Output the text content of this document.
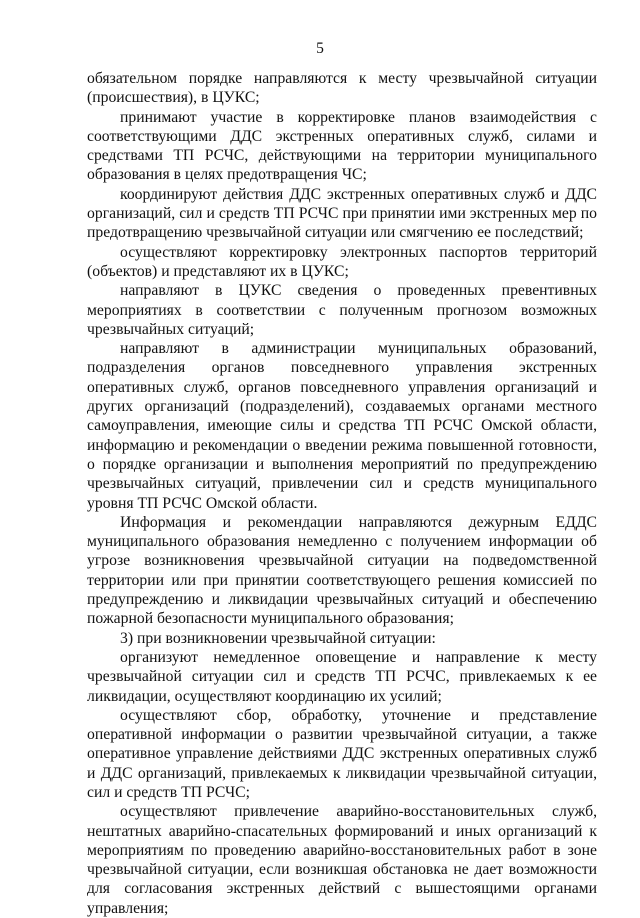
5

обязательном порядке направляются к месту чрезвычайной ситуации (происшествия), в ЦУКС;

принимают участие в корректировке планов взаимодействия с соответствующими ДДС экстренных оперативных служб, силами и средствами ТП РСЧС, действующими на территории муниципального образования в целях предотвращения ЧС;

координируют действия ДДС экстренных оперативных служб и ДДС организаций, сил и средств ТП РСЧС при принятии ими экстренных мер по предотвращению чрезвычайной ситуации или смягчению ее последствий;

осуществляют корректировку электронных паспортов территорий (объектов) и представляют их в ЦУКС;

направляют в ЦУКС сведения о проведенных превентивных мероприятиях в соответствии с полученным прогнозом возможных чрезвычайных ситуаций;

направляют в администрации муниципальных образований, подразделения органов повседневного управления экстренных оперативных служб, органов повседневного управления организаций и других организаций (подразделений), создаваемых органами местного самоуправления, имеющие силы и средства ТП РСЧС Омской области, информацию и рекомендации о введении режима повышенной готовности, о порядке организации и выполнения мероприятий по предупреждению чрезвычайных ситуаций, привлечении сил и средств муниципального уровня ТП РСЧС Омской области.

Информация и рекомендации направляются дежурным ЕДДС муниципального образования немедленно с получением информации об угрозе возникновения чрезвычайной ситуации на подведомственной территории или при принятии соответствующего решения комиссией по предупреждению и ликвидации чрезвычайных ситуаций и обеспечению пожарной безопасности муниципального образования;

3) при возникновении чрезвычайной ситуации:

организуют немедленное оповещение и направление к месту чрезвычайной ситуации сил и средств ТП РСЧС, привлекаемых к ее ликвидации, осуществляют координацию их усилий;

осуществляют сбор, обработку, уточнение и представление оперативной информации о развитии чрезвычайной ситуации, а также оперативное управление действиями ДДС экстренных оперативных служб и ДДС организаций, привлекаемых к ликвидации чрезвычайной ситуации, сил и средств ТП РСЧС;

осуществляют привлечение аварийно-восстановительных служб, нештатных аварийно-спасательных формирований и иных организаций к мероприятиям по проведению аварийно-восстановительных работ в зоне чрезвычайной ситуации, если возникшая обстановка не дает возможности для согласования экстренных действий с вышестоящими органами управления;
